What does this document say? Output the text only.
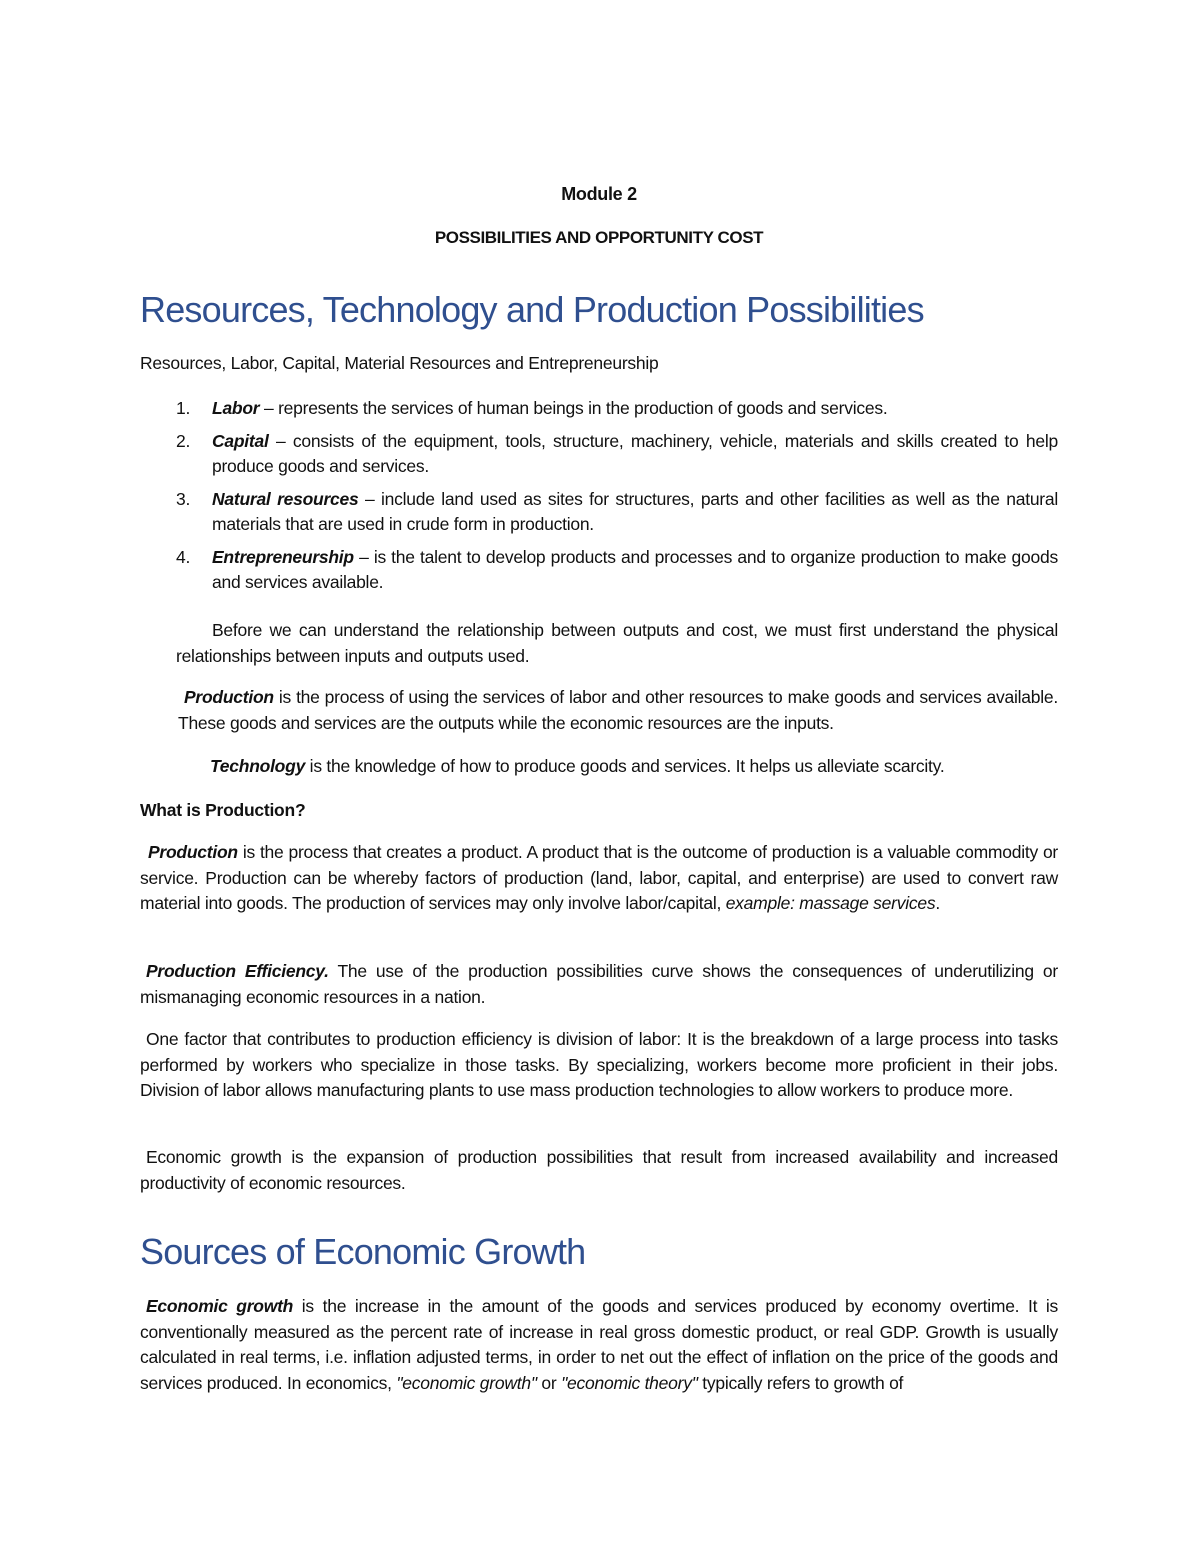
Module 2
POSSIBILITIES AND OPPORTUNITY COST
Resources, Technology and Production Possibilities
Resources, Labor, Capital, Material Resources and Entrepreneurship
1. Labor – represents the services of human beings in the production of goods and services.
2. Capital – consists of the equipment, tools, structure, machinery, vehicle, materials and skills created to help produce goods and services.
3. Natural resources – include land used as sites for structures, parts and other facilities as well as the natural materials that are used in crude form in production.
4. Entrepreneurship – is the talent to develop products and processes and to organize production to make goods and services available.
Before we can understand the relationship between outputs and cost, we must first understand the physical relationships between inputs and outputs used.
Production is the process of using the services of labor and other resources to make goods and services available. These goods and services are the outputs while the economic resources are the inputs.
Technology is the knowledge of how to produce goods and services. It helps us alleviate scarcity.
What is Production?
Production is the process that creates a product. A product that is the outcome of production is a valuable commodity or service. Production can be whereby factors of production (land, labor, capital, and enterprise) are used to convert raw material into goods. The production of services may only involve labor/capital, example: massage services.
Production Efficiency. The use of the production possibilities curve shows the consequences of underutilizing or mismanaging economic resources in a nation.
One factor that contributes to production efficiency is division of labor: It is the breakdown of a large process into tasks performed by workers who specialize in those tasks. By specializing, workers become more proficient in their jobs. Division of labor allows manufacturing plants to use mass production technologies to allow workers to produce more.
Economic growth is the expansion of production possibilities that result from increased availability and increased productivity of economic resources.
Sources of Economic Growth
Economic growth is the increase in the amount of the goods and services produced by economy overtime. It is conventionally measured as the percent rate of increase in real gross domestic product, or real GDP. Growth is usually calculated in real terms, i.e. inflation adjusted terms, in order to net out the effect of inflation on the price of the goods and services produced. In economics, "economic growth" or "economic theory" typically refers to growth of
